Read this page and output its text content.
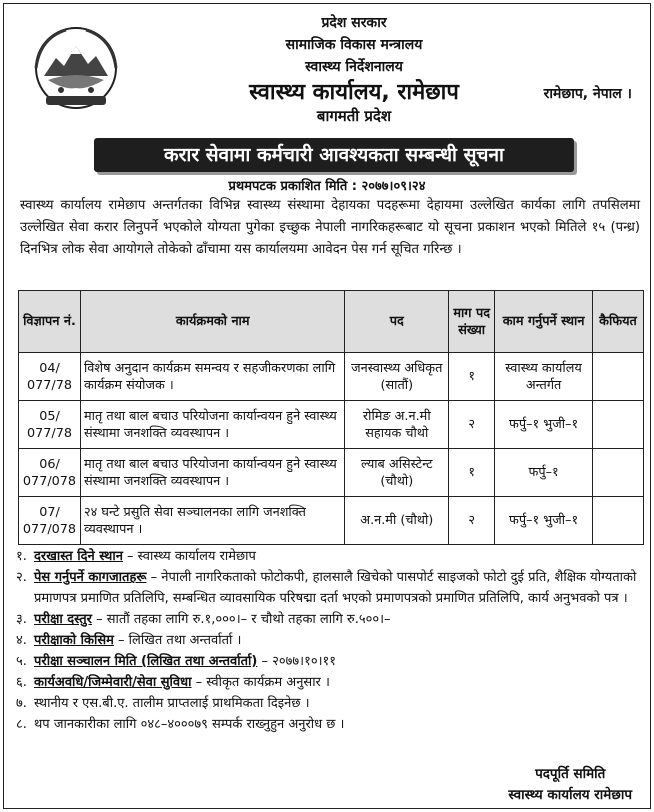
प्रदेश सरकार
सामाजिक विकास मन्त्रालय
स्वास्थ्य निर्देशनालय
स्वास्थ्य कार्यालय, रामेछाप
बागमती प्रदेश
रामेछाप, नेपाल ।
करार सेवामा कर्मचारी आवश्यकता सम्बन्धी सूचना
प्रथमपटक प्रकाशित मिति : २०७७।०९।२४

स्वास्थ्य कार्यालय रामेछाप अन्तर्गतका विभिन्न स्वास्थ्य संस्थामा देहायका पदहरूमा देहायमा उल्लेखित कार्यका लागि तपसिलमा उल्लेखित सेवा करार लिनुपर्ने भएकोले योग्यता पुगेका इच्छुक नेपाली नागरिकहरूबाट यो सूचना प्रकाशन भएको मितिले १५ (पन्ध्र) दिनभित्र लोक सेवा आयोगले तोकेको ढाँचामा यस कार्यालयमा आवेदन पेस गर्न सूचित गरिन्छ ।

विज्ञापन नं.	कार्यक्रमको नाम	पद	माग पद संख्या	काम गर्नुपर्ने स्थान	कैफियत
04/ 077/78	विशेष अनुदान कार्यक्रम समन्वय र सहजीकरणका लागि कार्यक्रम संयोजक ।	जनस्वास्थ्य अधिकृत (सातौं)	१	स्वास्थ्य कार्यालय अन्तर्गत	
05/ 077/78	मातृ तथा बाल बचाउ परियोजना कार्यान्वयन हुने स्वास्थ्य संस्थामा जनशक्ति व्यवस्थापन ।	रोमिङ अ.न.मी सहायक चौथो	२	फर्पु–१ भुजी–१	
06/ 077/078	मातृ तथा बाल बचाउ परियोजना कार्यान्वयन हुने स्वास्थ्य संस्थामा जनशक्ति व्यवस्थापन ।	ल्याब असिस्टेन्ट (चौथो)	१	फर्पु–१	
07/ 077/078	२४ घन्टे प्रसुति सेवा सञ्चालनका लागि जनशक्ति व्यवस्थापन ।	अ.न.मी (चौथो)	२	फर्पु–१ भुजी–१	
१. दरखास्त दिने स्थान – स्वास्थ्य कार्यालय रामेछाप
२. पेस गर्नुपर्ने कागजातहरू – नेपाली नागरिकताको फोटोकपी, हालसालै खिचेको पासपोर्ट साइजको फोटो दुई प्रति, शैक्षिक योग्यताको प्रमाणपत्र प्रमाणित प्रतिलिपि, सम्बन्धित व्यावसायिक परिषद्मा दर्ता भएको प्रमाणपत्रको प्रमाणित प्रतिलिपि, कार्य अनुभवको पत्र ।
३. परीक्षा दस्तुर – सातौं तहका लागि रु.१,०००।– र चौथो तहका लागि रु.५००।–
४. परीक्षाको किसिम – लिखित तथा अन्तर्वार्ता ।
५. परीक्षा सञ्चालन मिति (लिखित तथा अन्तर्वार्ता) – २०७७।१०।११
६. कार्यअवधि/जिम्मेवारी/सेवा सुविधा – स्वीकृत कार्यक्रम अनुसार ।
७. स्थानीय र एस.बी.ए. तालीम प्राप्तलाई प्राथमिकता दिइनेछ ।
८. थप जानकारीका लागि ०४८–४०००७९ सम्पर्क राख्नुहुन अनुरोध छ ।
पदपूर्ति समिति
स्वास्थ्य कार्यालय रामेछाप
